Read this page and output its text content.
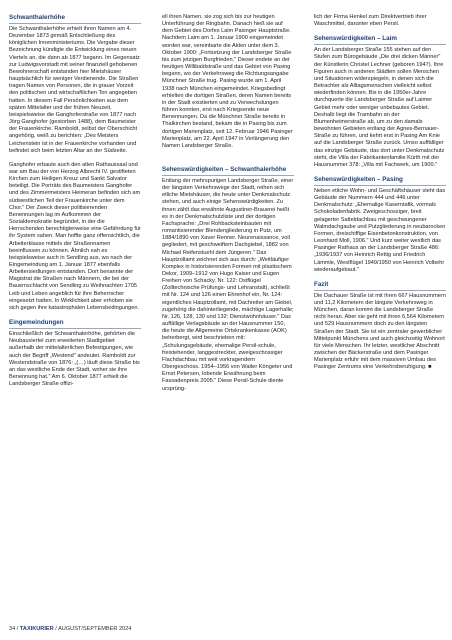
Schwanthalerhöhe

Die Schwanthalerhöhe erhielt ihren Namen am 4. Dezember 1873 gemäß Entschließung des königlichen Innenministeriums. Die Vergabe dieser Bezeichnung kündigte die Entwicklung eines neuen Viertels an, die dann ab 1877 begann. Im Gegensatz zur Ludwigsvorstadt mit seiner finanziell gehobenen Bewohnerschaft entstanden hier Mietshäuser hauptsächlich für weniger Verdienende. Die Straßen tragen Namen von Personen, die in grauer Vorzeit den politischen und wirtschaftlichen Ton angegeben hatten. In diesem Fall Persönlichkeiten aus dem späten Mittelalter und der frühen Neuzeit, beispielsweise die Ganghoferstraße von 1877 nach Jörg Ganghofer (gestorben 1488), dem Baumeister der Frauenkirche. Ramboldt, selbst der Oberschicht angehörig, weiß zu berichten: „Des Meisters Leichenstein ist in der Frauenkirche vorhanden und befindet sich beim letzten Altar an der Südseite.

Ganghofer erbaute auch den alten Rathaussaal und war am Bau der von Herzog Albrecht IV. gestifteten Kirchen zum Heiligen Kreuz und Sankt Salvator beteiligt. Die Porträts des Baumeisters Ganghofer und des Zimmermeisters Heimeran befinden sich am südwestlichen Teil der Frauenkirche unter dem Chor." Der Zweck dieser politisierenden Benennungen lag im Aufkommen der Sozialdemokratie begründet, in der die Herrschenden berechtigterweise eine Gefährdung für ihr System sahen. Man hoffte ganz offensichtlich, die Arbeiterklasse mittels der Straßennamen beeinflussen zu können. Ähnlich sah es beispielsweise auch in Sendling aus, wo nach der Eingemeindung am 1. Januar 1877 ebenfalls Arbeitersiedlungen entstanden. Dort benannte der Magistrat die Straßen nach Männern, die bei der Bauernschlacht von Sendling zu Weihnachten 1705 Leib und Leben angeblich für ihre Beherrscher eingesetzt hatten. In Wirklichkeit aber erhoben sie sich gegen ihre katastrophalen Lebensbedingungen.

Eingemeindungen

Einschließlich der Schwanthalerhöhe, gehörten die Neubauviertel zum erweiterten Stadtgebiet außerhalb der mittelalterlichen Befestigungen, wie auch der Begriff „Westend" andeutet. Ramboldt zur Westendstraße von 1876: „(…) läuft diese Straße bis an das westliche Ende der Stadt, woher sie ihre Benennung hat." Am 6. Oktober 1877 erhielt die Landsberger Straße offizi-

ell ihren Namen, sie zog sich bis zur heutigen Unterführung der Ringbahn. Danach hieß sie auf dem Gebiet des Dorfes Laim Pasinger Hauptstraße. Nachdem Laim am 1. Januar 1900 eingemeindet worden war, vereinbarte die Akten unter dem 3. Oktober 1900: „Fortsetzung der Landsberger Straße bis zum jetzigen Burgfrieden." Dieser endete an der heutigen Willibaldstraße und das Gebiet von Pasing begann, wo der Verkehrsweg die Richtungsangabe Münchner Straße trug. Pasing wurde am 1. April 1938 nach München eingemeindet. Kriegsbedingt erhielten die dortigen Straßen, deren Namen bereits in der Stadt existierten und zu Verwechslungen führen konnten, erst nach Kriegsende neue Benennungen. Da die Münchner Straße bereits in Thalkirchen bestand, bekam die in Pasing bis zum dortigen Marienplatz, seit 12. Februar 1946 Pasinger Marienplatz, am 22. April 1947 in Verlängerung den Namen Landsberger Straße.

Sehenswürdigkeiten – Schwanthalerhöhe

Entlang der mehrspurigen Landsberger Straße, einer der längsten Verkehrswege der Stadt, reihen sich etliche Mietshäuser, die heute unter Denkmalschutz stehen, und auch einige Sehenswürdigkeiten. Zu ihnen zählt das erwähnte Augustiner-Brauerei heißt es in der Denkmalschutzliste und der dortigen Fachsprache: „Drei Rohbacksteinbauten mit romantisierender Blendengliederung in Putz, um 1884/1890 von Xaver Renner. Neurenaissance, voll gegliedert, mit geschweiftem Dachgiebel, 1882 von Michael Reifenstuehl dem Jüngeren." Das Hauptzollamt zeichnet sich aus durch: „Weitläufiger Komplex in historisierenden Formen mit plastischem Dekor, 1909–1912 von Hugo Kaiser und Eugen Freiherr von Schacky. Nr. 122: Ostflügel (Zolltechnische Prüfungs- und Lehranstalt), schließt mit Nr. 124 und 126 einen Ehrenhof ein, Nr. 124: eigentliches Hauptzollamt, mit Dachreiter am Giebel, zugehörig die dahinterliegende, mächtige Lagerhalle; Nr. 126, 128, 130 und 132: Dienstwohnhäuser." Das auffällige Verlagsbäude an der Hausnummer 150, die heute die Allgemeine Ortskrankenkasse (AOK) beherbergt, wird beschrieben mit: „Schulungsgebäude, ehemalige Persil-schule, freistehender, langgestreckter, zweigeschossiger Flachdachbau mit weit vorkragendem Obergeschoss. 1954–1956 von Walter Köngeter und Ernst Petersen, lobende Erwähnung beim Fassadenpreis 2005." Diese Persil-Schule diente ursprüng-

lich der Firma Henkel zum Direktvertrieb ihrer Waschmittel, darunter eben Persil.

Sehenswürdigkeiten – Laim

An der Landsberger Straße 155 stehen auf den Stufen zum Bürogebäude „Die drei dicken Männer" der Künstlerin Christel Lechner (geboren 1947). Ihre Figuren auch in anderen Städten sollen Menschen und Situationen widerspiegeln, in denen sich die Betrachter als Alltagsmenschen vielleicht selbst wiederfinden können. Bis in die 1950er-Jahre durchquerte die Landsberger Straße auf Laimer Gebiet mehr oder weniger unbebautes Gebiet. Deshalb liegt die Trambahn an der Blumenheimerstraße ab, um zu den damals bewohnten Gebieten entlang der Agnes-Bernauer-Straße zu führen, und kehrt erst in Pasing Am Knie auf die Landsberger Straße zurück. Umso auffälliger das einzige Gebäude, das dort unter Denkmalschutz steht, die Villa der Fabrikantenfamilie Kürth mit der Hausnummer 378: „Villa mit Fachwerk, um 1900."

Sehenswürdigkeiten – Pasing

Neben etliche Wohn- und Geschäftshäuser steht das Gebäude der Nummern 444 und 446 unter Denkmalschutz: „Ehemalige Kaserntafik, vormals Schokoladenfabrik. Zweigeschossiger, breit gelagerter Satteldachbau mit geschwungener Walmdachgaube und Putzgliederung in neubarocken Formen, dreischiffige Eisenbetonkonstruktion, von Leonhard Moll, 1906." Und kurz weiter westlich das Pasinger Rathaus an der Landsberger Straße 486: „1936/1937 von Heinrich Rettig und Friedrich Lämmle, Westflügel 1949/1950 von Heinrich Volbehr wiederaufgebaut."

Fazit

Die Dachauer Straße ist mit ihren 667 Hausnummern und 11,2 Kilometern der längste Verkehrsweg in München, daran kommt die Landsberger Straße nicht heran. Aber sie geht mit ihren 6,564 Kilometern und 529 Hausnummern doch zu den längsten Straßen der Stadt. Sie ist ein zentraler gewerblicher Mittelpunkt Münchens und auch gleichzeitig Wohnort für viele Menschen. Ihr letzter, westlicher Abschnitt zwischen der Bäckerstraße und dem Pasinger Marienplatz erfuhr mit dem massiven Umbau des Pasinger Zentrums eine Verkehrsberuhigung. ■

34 / TAXIKURIER / AUGUST/SEPTEMBER 2024
